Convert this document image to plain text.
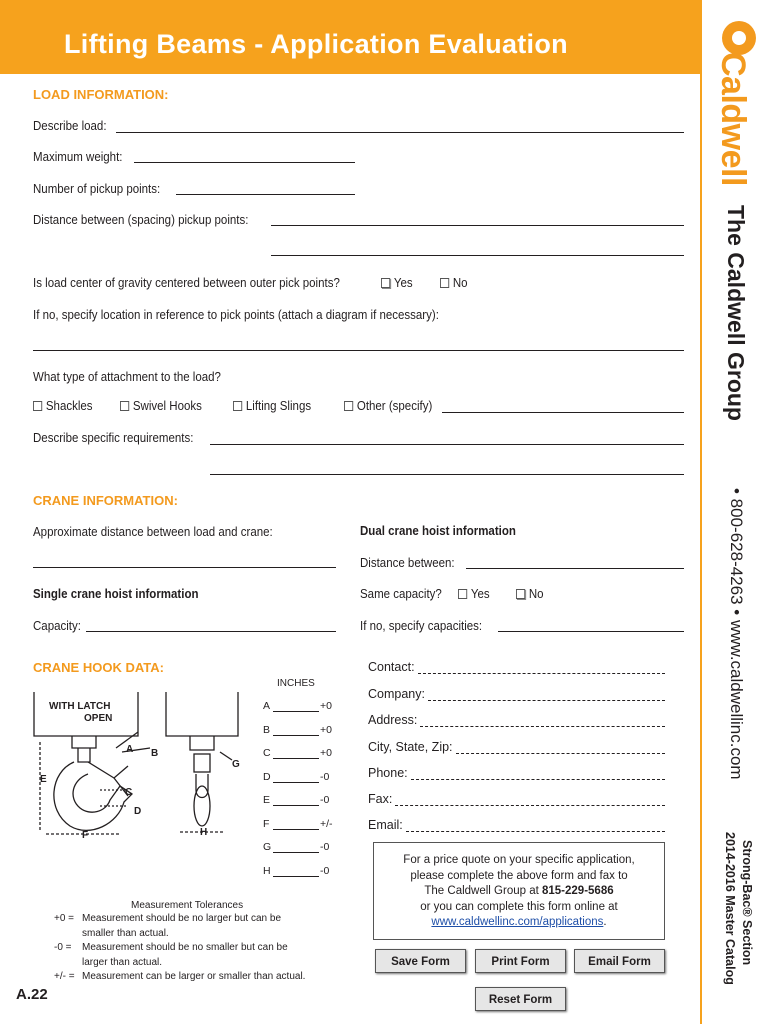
Lifting Beams - Application Evaluation
Caldwell
The Caldwell Group
• 800-628-4263 • www.caldwellinc.com
Strong-Bac® Section
2014-2016 Master Catalog
LOAD INFORMATION:
Describe load:
Maximum weight:
Number of pickup points:
Distance between (spacing) pickup points:
Is load center of gravity centered between outer pick points?	Yes	No
If no, specify location in reference to pick points (attach a diagram if necessary):
What type of attachment to the load?
Shackles	Swivel Hooks	Lifting Slings	Other (specify)
Describe specific requirements:
CRANE INFORMATION:
Approximate distance between load and crane:
Single crane hoist information
Capacity:
Dual crane hoist information
Distance between:
Same capacity?	Yes	No
If no, specify capacities:
CRANE HOOK DATA:
INCHES
WITH LATCH
OPEN
A B
C
D
E
F
G
H
A	+0
B	+0
C	+0
D	-0
E	-0
F	+/-
G	-0
H	-0
Measurement Tolerances
+0 = Measurement should be no larger but can be
smaller than actual.
-0 =	Measurement should be no smaller but can be
larger than actual.
+/- = Measurement can be larger or smaller than actual.
Contact:
Company:
Address:
City, State, Zip:
Phone:
Fax:
Email:
For a price quote on your specific application,
please complete the above form and fax to
The Caldwell Group at 815-229-5686
or you can complete this form online at
www.caldwellinc.com/applications.
Save Form	Print Form	Email Form
Reset Form
A.22
